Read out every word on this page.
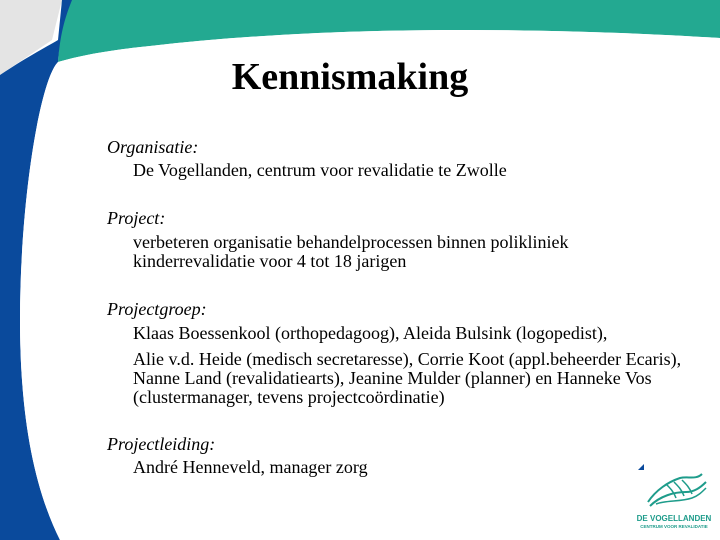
Kennismaking
Organisatie:
De Vogellanden, centrum voor revalidatie te Zwolle
Project:
verbeteren organisatie behandelprocessen binnen polikliniek kinderrevalidatie voor 4 tot 18 jarigen
Projectgroep:
Klaas Boessenkool (orthopedagoog), Aleida Bulsink (logopedist),
Alie v.d. Heide (medisch secretaresse), Corrie Koot (appl.beheerder Ecaris), Nanne Land (revalidatiearts), Jeanine Mulder (planner) en Hanneke Vos (clustermanager, tevens projectcoördinatie)
Projectleiding:
André Henneveld, manager zorg
DE VOGELLANDEN
CENTRUM VOOR REVALIDATIE
